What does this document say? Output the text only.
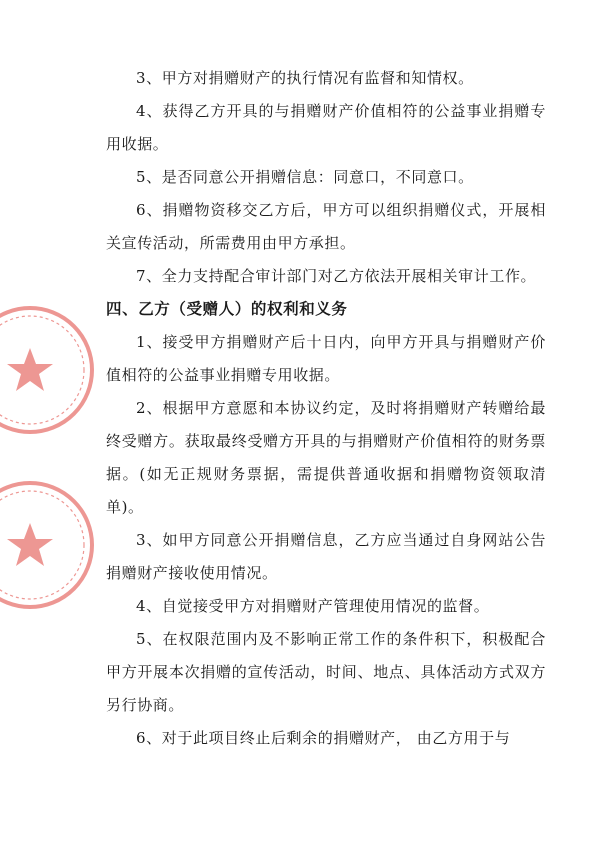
3、甲方对捐赠财产的执行情况有监督和知情权。

4、获得乙方开具的与捐赠财产价值相符的公益事业捐赠专用收据。

5、是否同意公开捐赠信息：同意口，不同意口。

6、捐赠物资移交乙方后，甲方可以组织捐赠仪式，开展相关宣传活动，所需费用由甲方承担。

7、全力支持配合审计部门对乙方依法开展相关审计工作。

四、乙方（受赠人）的权利和义务

1、接受甲方捐赠财产后十日内，向甲方开具与捐赠财产价值相符的公益事业捐赠专用收据。

2、根据甲方意愿和本协议约定，及时将捐赠财产转赠给最终受赠方。获取最终受赠方开具的与捐赠财产价值相符的财务票据。(如无正规财务票据，需提供普通收据和捐赠物资领取清单)。

3、如甲方同意公开捐赠信息，乙方应当通过自身网站公告捐赠财产接收使用情况。

4、自觉接受甲方对捐赠财产管理使用情况的监督。

5、在权限范围内及不影响正常工作的条件积下，积极配合甲方开展本次捐赠的宣传活动，时间、地点、具体活动方式双方另行协商。

6、对于此项目终止后剩余的捐赠财产， 由乙方用于与
